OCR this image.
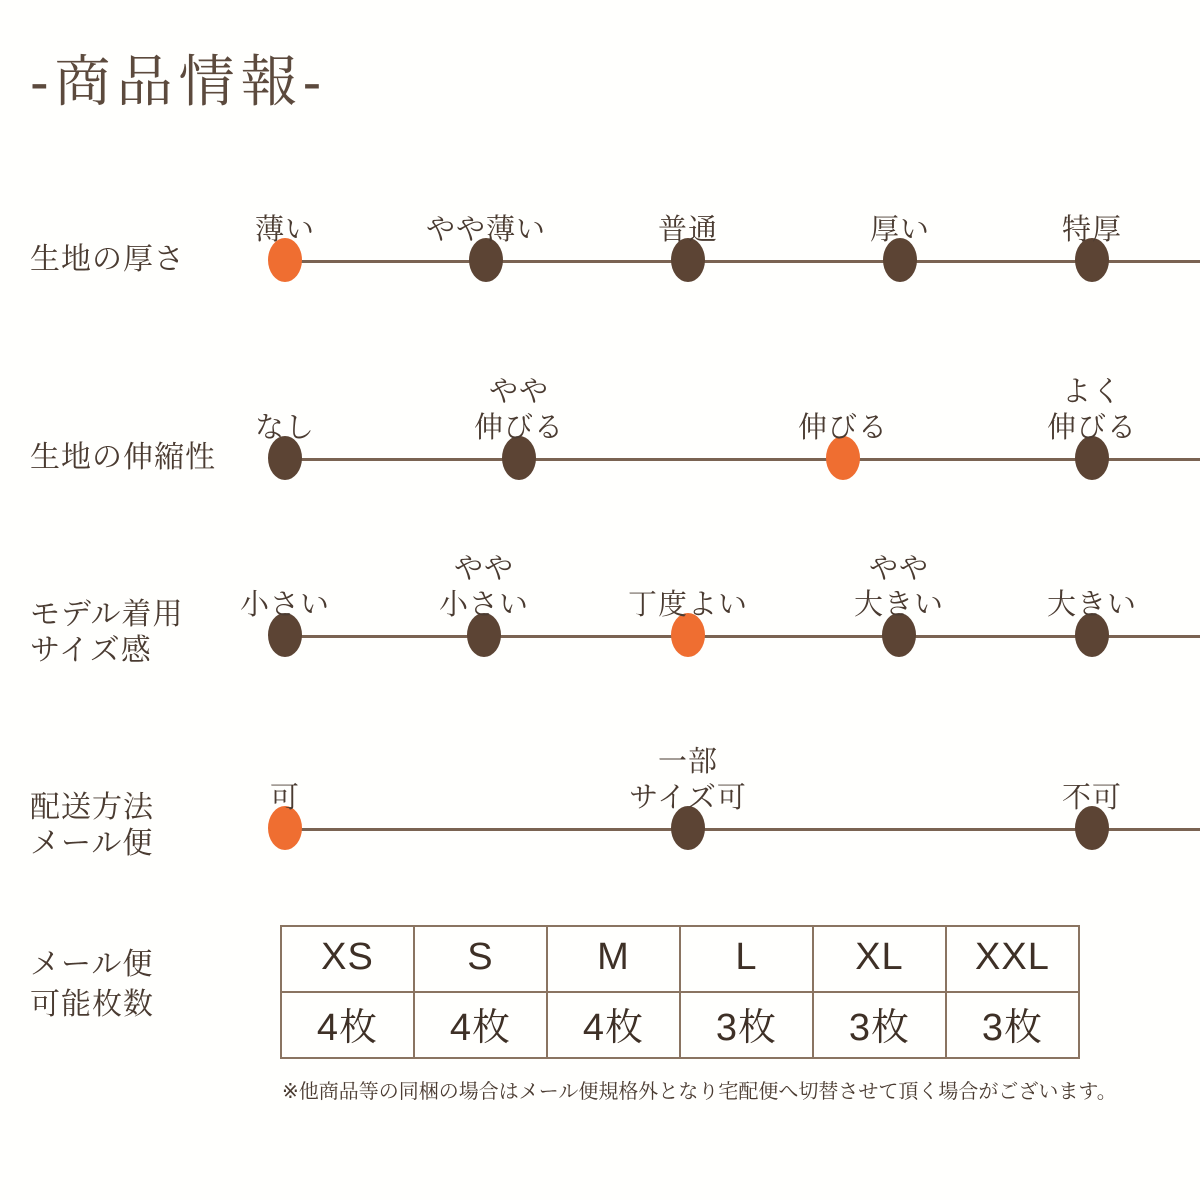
-商品情報-
生地の厚さ
薄い	やや薄い	普通	厚い	特厚
生地の伸縮性
なし
やや
伸びる	伸びる
よく
伸びる
モデル着用
サイズ感
小さい
やや
小さい	丁度よい
やや
大きい	大きい
配送方法
メール便
可
一部
サイズ可	不可
メール便
可能枚数
XS	S	M	L	XL	XXL
4枚	4枚	4枚	3枚	3枚	3枚
※他商品等の同梱の場合はメール便規格外となり宅配便へ切替させて頂く場合がございます。
